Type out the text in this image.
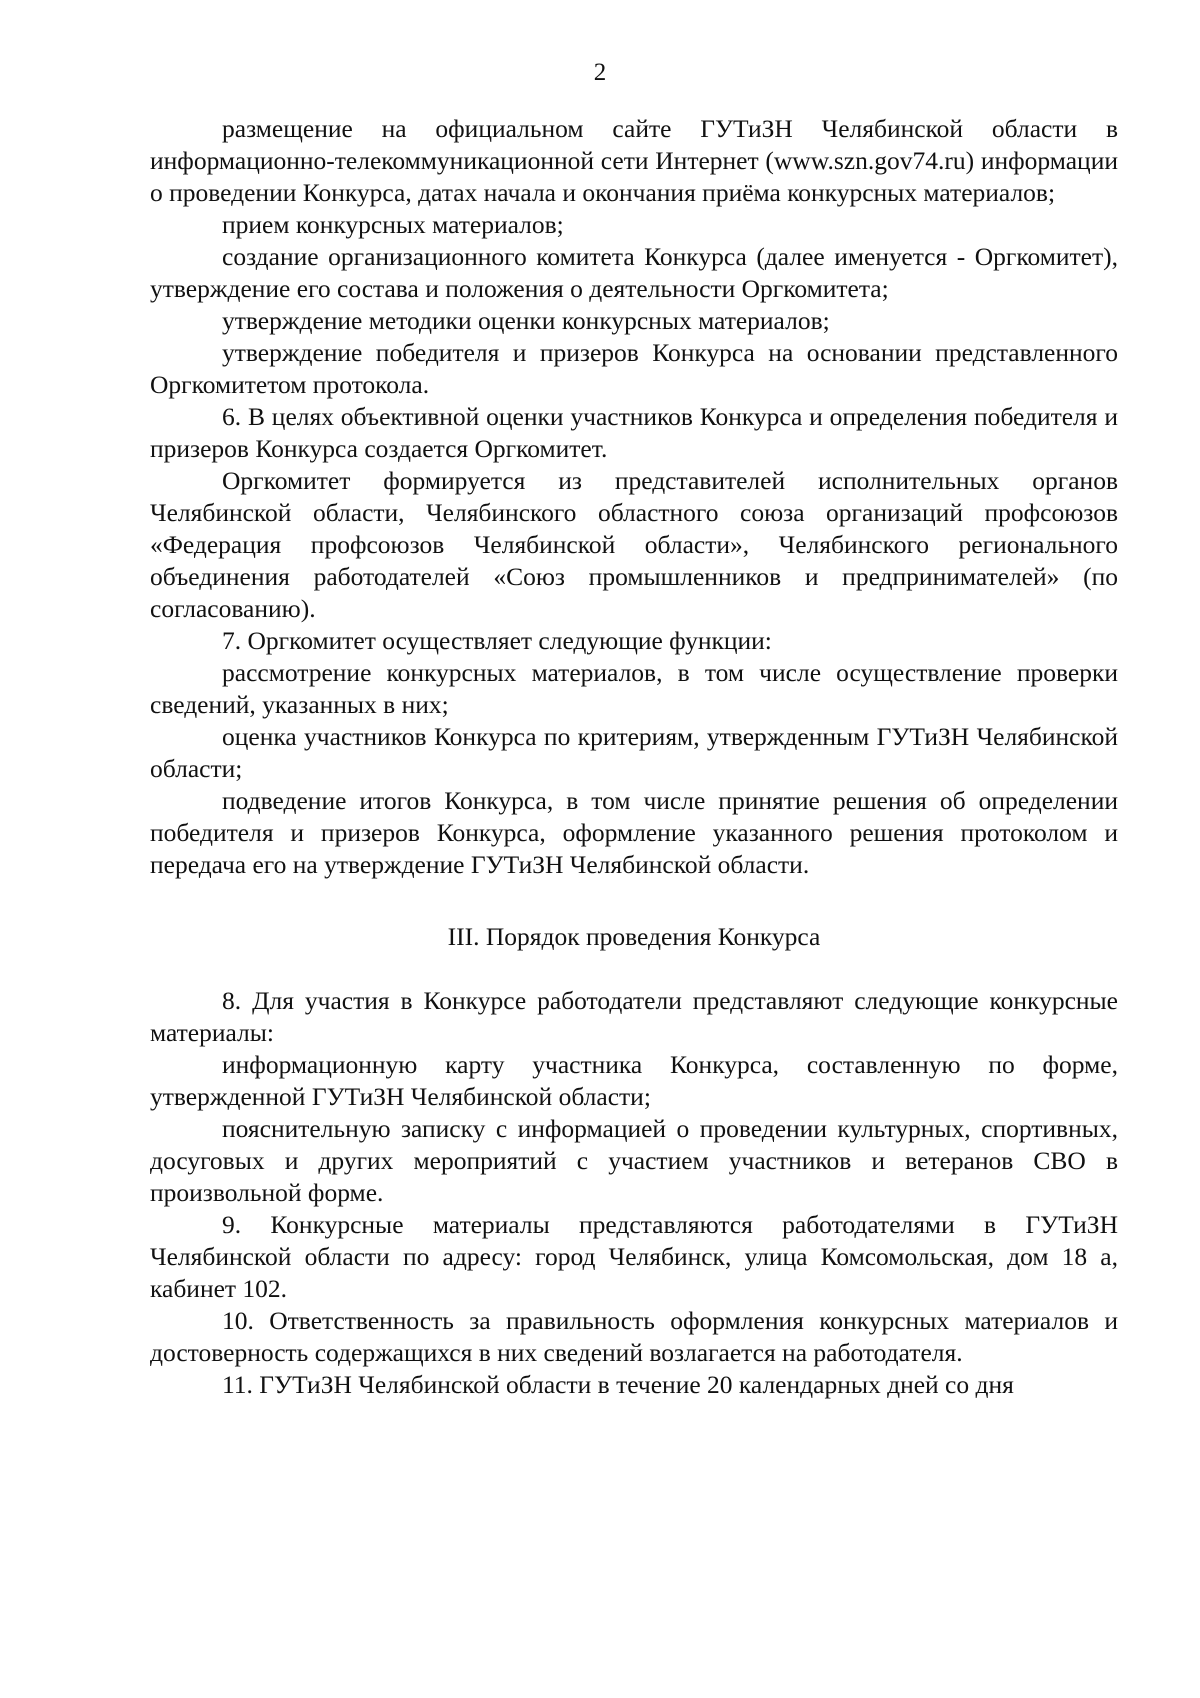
2

размещение на официальном сайте ГУТиЗН Челябинской области в информационно-телекоммуникационной сети Интернет (www.szn.gov74.ru) информации о проведении Конкурса, датах начала и окончания приёма конкурсных материалов;

прием конкурсных материалов;

создание организационного комитета Конкурса (далее именуется - Оргкомитет), утверждение его состава и положения о деятельности Оргкомитета;

утверждение методики оценки конкурсных материалов;

утверждение победителя и призеров Конкурса на основании представленного Оргкомитетом протокола.

6. В целях объективной оценки участников Конкурса и определения победителя и призеров Конкурса создается Оргкомитет.

Оргкомитет формируется из представителей исполнительных органов Челябинской области, Челябинского областного союза организаций профсоюзов «Федерация профсоюзов Челябинской области», Челябинского регионального объединения работодателей «Союз промышленников и предпринимателей» (по согласованию).

7. Оргкомитет осуществляет следующие функции:

рассмотрение конкурсных материалов, в том числе осуществление проверки сведений, указанных в них;

оценка участников Конкурса по критериям, утвержденным ГУТиЗН Челябинской области;

подведение итогов Конкурса, в том числе принятие решения об определении победителя и призеров Конкурса, оформление указанного решения протоколом и передача его на утверждение ГУТиЗН Челябинской области.

III. Порядок проведения Конкурса

8. Для участия в Конкурсе работодатели представляют следующие конкурсные материалы:

информационную карту участника Конкурса, составленную по форме, утвержденной ГУТиЗН Челябинской области;

пояснительную записку с информацией о проведении культурных, спортивных, досуговых и других мероприятий с участием участников и ветеранов СВО в произвольной форме.

9. Конкурсные материалы представляются работодателями в ГУТиЗН Челябинской области по адресу: город Челябинск, улица Комсомольская, дом 18 а, кабинет 102.

10. Ответственность за правильность оформления конкурсных материалов и достоверность содержащихся в них сведений возлагается на работодателя.

11. ГУТиЗН Челябинской области в течение 20 календарных дней со дня
